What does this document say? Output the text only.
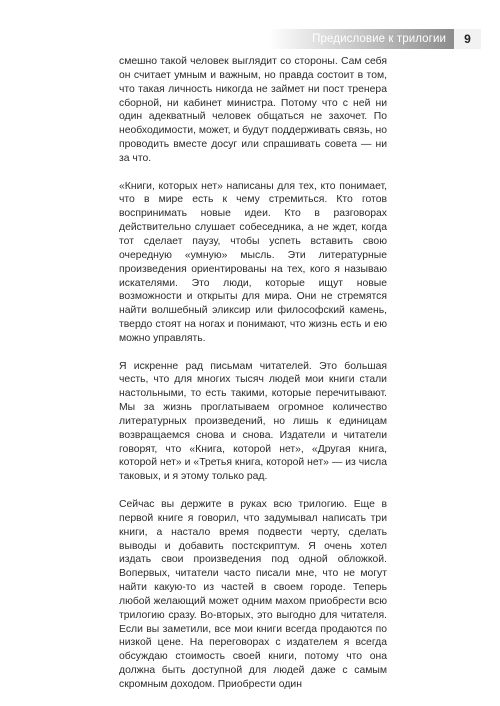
Предисловие к трилогии	9

смешно такой человек выглядит со стороны. Сам себя он считает умным и важным, но правда состоит в том, что такая личность никогда не займет ни пост тренера сборной, ни кабинет министра. Потому что с ней ни один адекватный человек общаться не захочет. По необходимости, может, и будут поддерживать связь, но проводить вместе досуг или спрашивать совета — ни за что.

«Книги, которых нет» написаны для тех, кто понимает, что в мире есть к чему стремиться. Кто готов воспринимать новые идеи. Кто в разговорах действительно слушает собеседника, а не ждет, когда тот сделает паузу, чтобы успеть вставить свою очередную «умную» мысль. Эти литературные произведения ориентированы на тех, кого я называю искателями. Это люди, которые ищут новые возможности и открыты для мира. Они не стремятся найти волшебный эликсир или философский камень, твердо стоят на ногах и понимают, что жизнь есть и ею можно управлять.

Я искренне рад письмам читателей. Это большая честь, что для многих тысяч людей мои книги стали настольными, то есть такими, которые перечитывают. Мы за жизнь проглатываем огромное количество литературных произведений, но лишь к единицам возвращаемся снова и снова. Издатели и читатели говорят, что «Книга, которой нет», «Другая книга, которой нет» и «Третья книга, которой нет» — из числа таковых, и я этому только рад.

Сейчас вы держите в руках всю трилогию. Еще в первой книге я говорил, что задумывал написать три книги, а настало время подвести черту, сделать выводы и добавить постскриптум. Я очень хотел издать свои произведения под одной обложкой. Вопервых, читатели часто писали мне, что не могут найти какую-то из частей в своем городе. Теперь любой желающий может одним махом приобрести всю трилогию сразу. Во-вторых, это выгодно для читателя. Если вы заметили, все мои книги всегда продаются по низкой цене. На переговорах с издателем я всегда обсуждаю стоимость своей книги, потому что она должна быть доступной для людей даже с самым скромным доходом. Приобрести один
